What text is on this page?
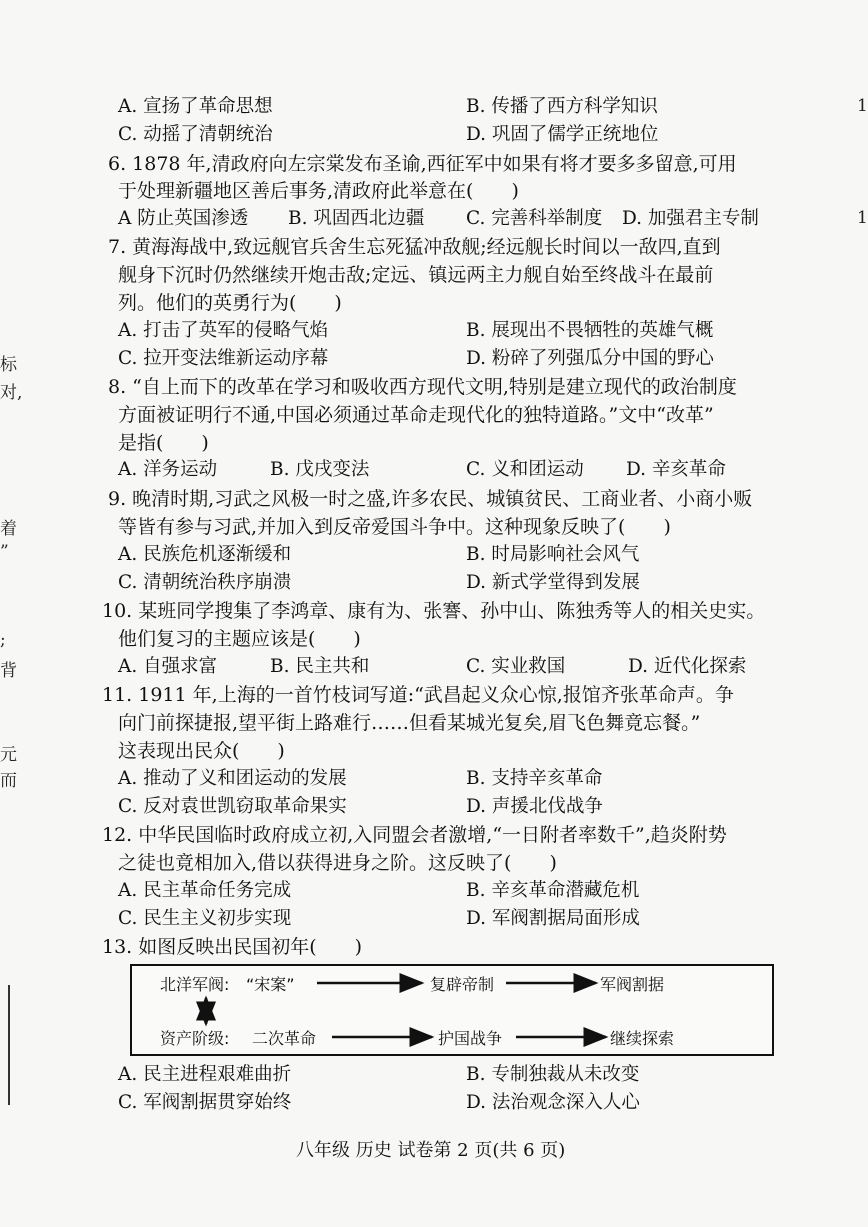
1
1
标
对,
着
”
;
背
元
而
A. 宣扬了革命思想	B. 传播了西方科学知识
C. 动摇了清朝统治	D. 巩固了儒学正统地位
6. 1878 年,清政府向左宗棠发布圣谕,西征军中如果有将才要多多留意,可用
于处理新疆地区善后事务,清政府此举意在(　　)
A 防止英国渗透 B. 巩固西北边疆 C. 完善科举制度 D. 加强君主专制
7. 黄海海战中,致远舰官兵舍生忘死猛冲敌舰;经远舰长时间以一敌四,直到
舰身下沉时仍然继续开炮击敌;定远、镇远两主力舰自始至终战斗在最前
列。他们的英勇行为(　　)
A. 打击了英军的侵略气焰	B. 展现出不畏牺牲的英雄气概
C. 拉开变法维新运动序幕	D. 粉碎了列强瓜分中国的野心
8. “自上而下的改革在学习和吸收西方现代文明,特别是建立现代的政治制度
方面被证明行不通,中国必须通过革命走现代化的独特道路。”文中“改革”
是指(　　)
A. 洋务运动	B. 戊戌变法	C. 义和团运动 D. 辛亥革命
9. 晚清时期,习武之风极一时之盛,许多农民、城镇贫民、工商业者、小商小贩
等皆有参与习武,并加入到反帝爱国斗争中。这种现象反映了(　　)
A. 民族危机逐渐缓和	B. 时局影响社会风气
C. 清朝统治秩序崩溃	D. 新式学堂得到发展
10. 某班同学搜集了李鸿章、康有为、张謇、孙中山、陈独秀等人的相关史实。
他们复习的主题应该是(　　)
A. 自强求富	B. 民主共和	C. 实业救国	D. 近代化探索
11. 1911 年,上海的一首竹枝词写道:“武昌起义众心惊,报馆齐张革命声。争
向门前探捷报,望平街上路难行……但看某城光复矣,眉飞色舞竟忘餐。”
这表现出民众(　　)
A. 推动了义和团运动的发展	B. 支持辛亥革命
C. 反对袁世凯窃取革命果实	D. 声援北伐战争
12. 中华民国临时政府成立初,入同盟会者激增,“一日附者率数千”,趋炎附势
之徒也竟相加入,借以获得进身之阶。这反映了(　　)
A. 民主革命任务完成	B. 辛亥革命潜藏危机
C. 民生主义初步实现	D. 军阀割据局面形成
13. 如图反映出民国初年(　　)
北洋军阀: “宋案”	复辟帝制	军阀割据
资产阶级: 二次革命	护国战争	继续探索
A. 民主进程艰难曲折	B. 专制独裁从未改变
C. 军阀割据贯穿始终	D. 法治观念深入人心
八年级 历史 试卷第 2 页(共 6 页)
